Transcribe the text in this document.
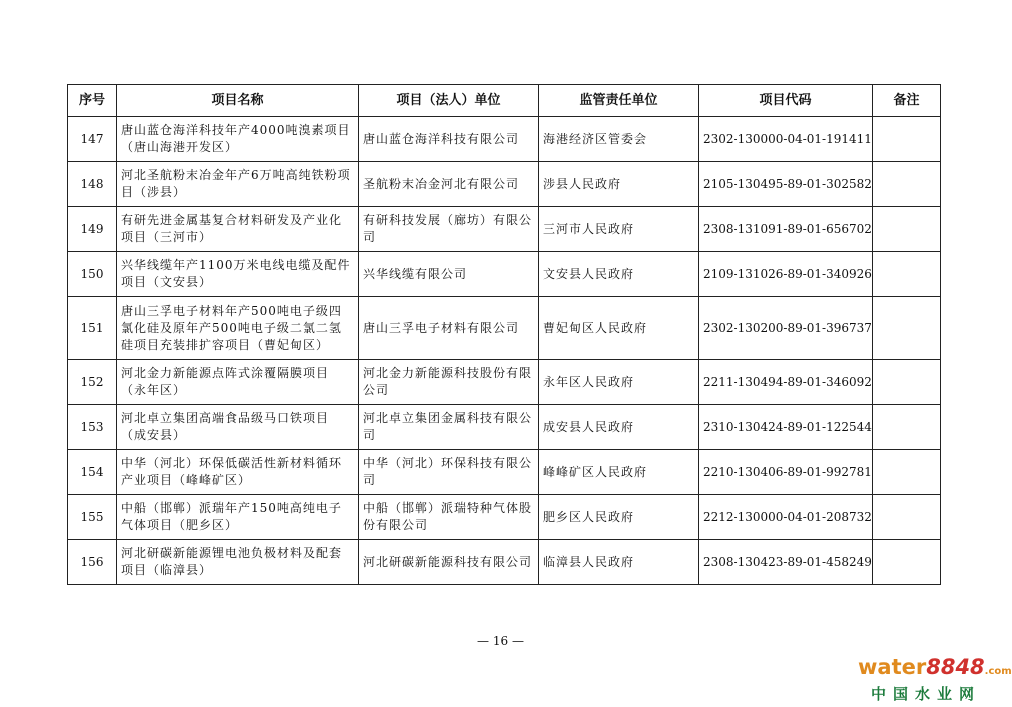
序号	项目名称	项目（法人）单位	监管责任单位	项目代码	备注
147	唐山蓝仓海洋科技年产4000吨溴素项目（唐山海港开发区）	唐山蓝仓海洋科技有限公司	海港经济区管委会	2302-130000-04-01-191411	
148	河北圣航粉末冶金年产6万吨高纯铁粉项目（涉县）	圣航粉末冶金河北有限公司	涉县人民政府	2105-130495-89-01-302582	
149	有研先进金属基复合材料研发及产业化项目（三河市）	有研科技发展（廊坊）有限公司	三河市人民政府	2308-131091-89-01-656702	
150	兴华线缆年产1100万米电线电缆及配件项目（文安县）	兴华线缆有限公司	文安县人民政府	2109-131026-89-01-340926	
151	唐山三孚电子材料年产500吨电子级四氯化硅及原年产500吨电子级二氯二氢硅项目充装排扩容项目（曹妃甸区）	唐山三孚电子材料有限公司	曹妃甸区人民政府	2302-130200-89-01-396737	
152	河北金力新能源点阵式涂覆隔膜项目（永年区）	河北金力新能源科技股份有限公司	永年区人民政府	2211-130494-89-01-346092	
153	河北卓立集团高端食品级马口铁项目（成安县）	河北卓立集团金属科技有限公司	成安县人民政府	2310-130424-89-01-122544	
154	中华（河北）环保低碳活性新材料循环产业项目（峰峰矿区）	中华（河北）环保科技有限公司	峰峰矿区人民政府	2210-130406-89-01-992781	
155	中船（邯郸）派瑞年产150吨高纯电子气体项目（肥乡区）	中船（邯郸）派瑞特种气体股份有限公司	肥乡区人民政府	2212-130000-04-01-208732	
156	河北研碳新能源锂电池负极材料及配套项目（临漳县）	河北研碳新能源科技有限公司	临漳县人民政府	2308-130423-89-01-458249	
— 16 —
water8848.com
中国水业网
